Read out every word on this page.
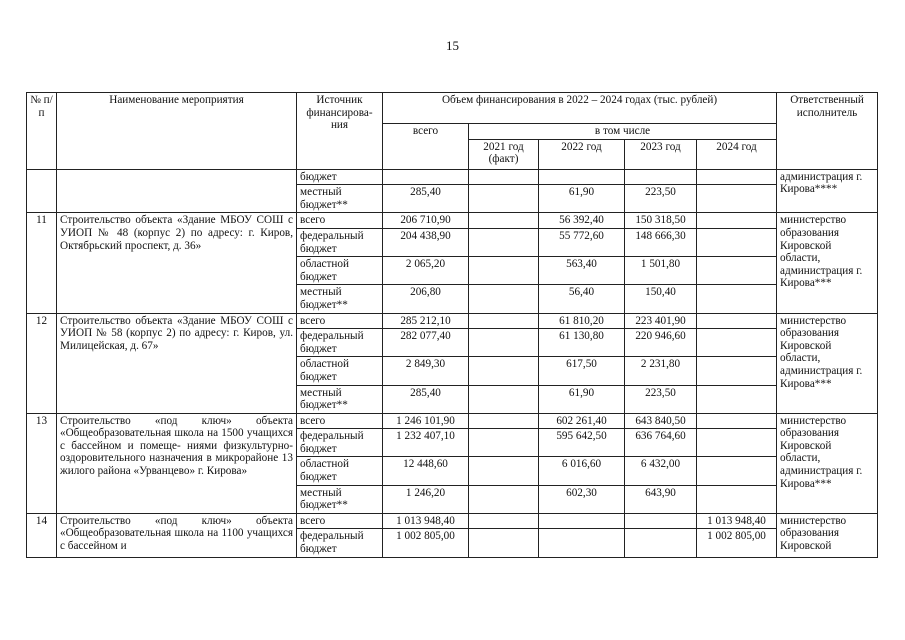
15
№ п/п	Наименование мероприятия	Источник финансирова- ния	Объем финансирования в 2022 – 2024 годах (тыс. рублей)					Ответственный исполнитель
			всего	в том числе				
				2021 год (факт)	2022 год	2023 год	2024 год	
		бюджет						администрация г. Кирова****
		местный бюджет**	285,40		61,90	223,50		
11	Строительство объекта «Здание МБОУ СОШ с УИОП № 48 (корпус 2) по адресу: г. Киров, Октябрьский проспект, д. 36»	всего	206 710,90		56 392,40	150 318,50		министерство образования Кировской области, администрация г. Кирова***
		федеральный бюджет	204 438,90		55 772,60	148 666,30		
		областной бюджет	2 065,20		563,40	1 501,80		
		местный бюджет**	206,80		56,40	150,40		
12	Строительство объекта «Здание МБОУ СОШ с УИОП № 58 (корпус 2) по адресу: г. Киров, ул. Милицейская, д. 67»	всего	285 212,10		61 810,20	223 401,90		министерство образования Кировской области, администрация г. Кирова***
		федеральный бюджет	282 077,40		61 130,80	220 946,60		
		областной бюджет	2 849,30		617,50	2 231,80		
		местный бюджет**	285,40		61,90	223,50		
13	Строительство «под ключ» объекта «Общеобразовательная школа на 1500 учащихся с бассейном и помеще- ниями физкультурно-оздоровительного назначения в микрорайоне 13 жилого района «Урванцево» г. Кирова»	всего	1 246 101,90		602 261,40	643 840,50		министерство образования Кировской области, администрация г. Кирова***
		федеральный бюджет	1 232 407,10		595 642,50	636 764,60		
		областной бюджет	12 448,60		6 016,60	6 432,00		
		местный бюджет**	1 246,20		602,30	643,90		
14	Строительство «под ключ» объекта «Общеобразовательная школа на 1100 учащихся с бассейном и	всего	1 013 948,40				1 013 948,40	министерство образования Кировской
		федеральный бюджет	1 002 805,00				1 002 805,00	
